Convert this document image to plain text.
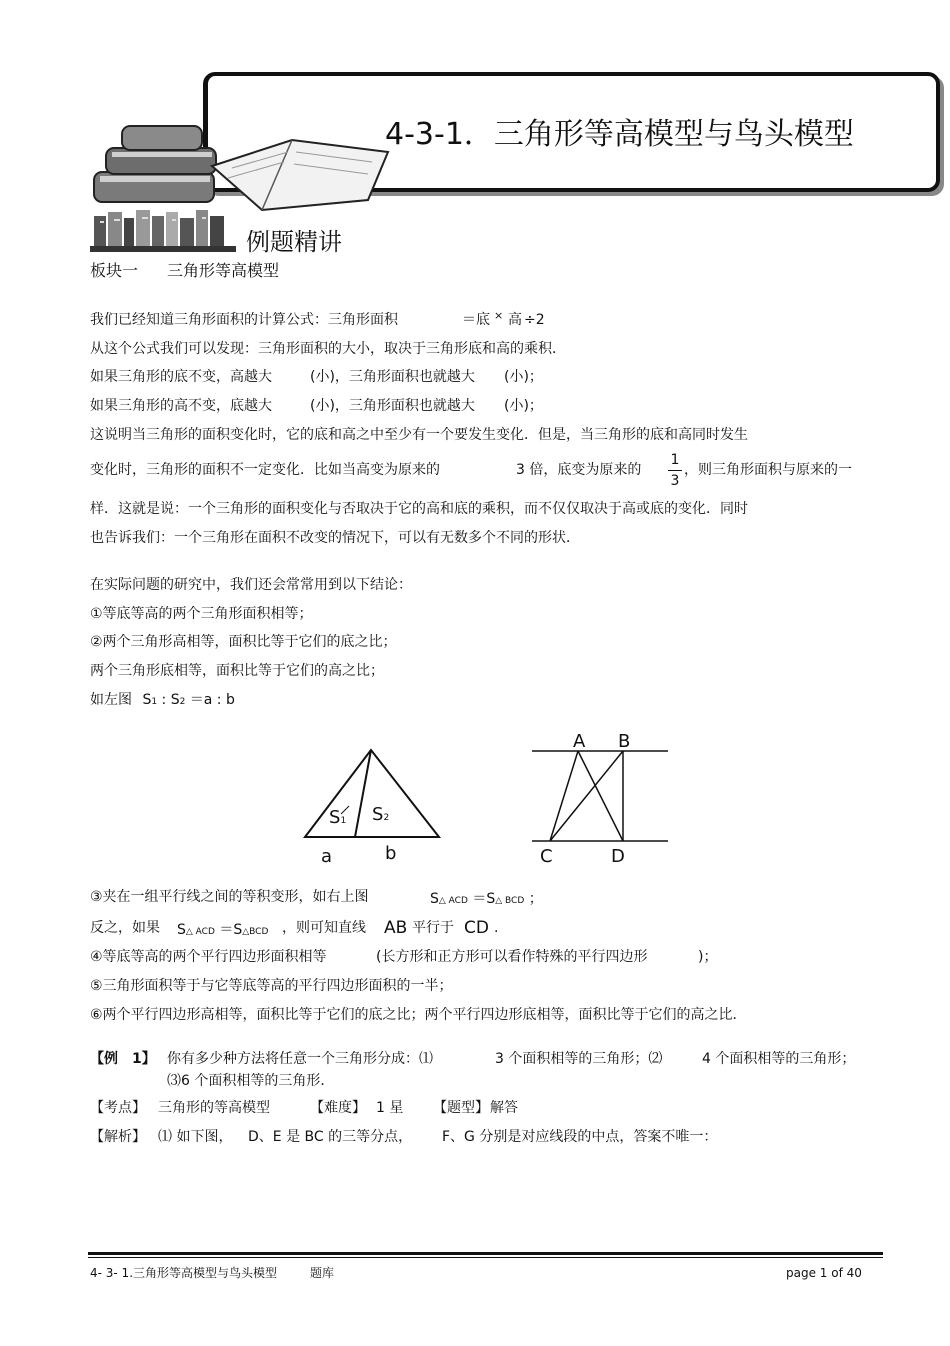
4-3-1．三角形等高模型与鸟头模型
例题精讲
板块一 三角形等高模型
我们已经知道三角形面积的计算公式：三角形面积	＝底 × 高 ÷2
从这个公式我们可以发现：三角形面积的大小，取决于三角形底和高的乘积．
如果三角形的底不变，高越大	(小)，三角形面积也就越大 (小)；
如果三角形的高不变，底越大	(小)，三角形面积也就越大 (小)；
这说明当三角形的面积变化时，它的底和高之中至少有一个要发生变化．但是，当三角形的底和高同时发生
变化时，三角形的面积不一定变化．比如当高变为原来的	3 倍，底变为原来的
1
3
，则三角形面积与原来的一
样．这就是说：一个三角形的面积变化与否取决于它的高和底的乘积，而不仅仅取决于高或底的变化．同时
也告诉我们：一个三角形在面积不改变的情况下，可以有无数多个不同的形状．
在实际问题的研究中，我们还会常常用到以下结论：
①等底等高的两个三角形面积相等；
②两个三角形高相等，面积比等于它们的底之比；
两个三角形底相等，面积比等于它们的高之比；
如左图 S1 : S2 ＝a : b
S1 S2
a	b
A B
C	D
③夹在一组平行线之间的等积变形，如右上图	S△ ACD ＝S△ BCD ；
反之，如果 S△ ACD ＝S△BCD ，则可知直线 AB 平行于 CD .
④等底等高的两个平行四边形面积相等	(长方形和正方形可以看作特殊的平行四边形	)；
⑤三角形面积等于与它等底等高的平行四边形面积的一半；
⑥两个平行四边形高相等，面积比等于它们的底之比；两个平行四边形底相等，面积比等于它们的高之比．
【例　1】 你有多少种方法将任意一个三角形分成：⑴	3 个面积相等的三角形；⑵	4 个面积相等的三角形；
⑶6 个面积相等的三角形．
【考点】 三角形的等高模型	【难度】 1 星 【题型】 解答
【解析】 ⑴ 如下图， D、E 是 BC 的三等分点， F、G 分别是对应线段的中点，答案不唯一：
4- 3- 1.三角形等高模型与鸟头模型	题库	page 1 of 40
